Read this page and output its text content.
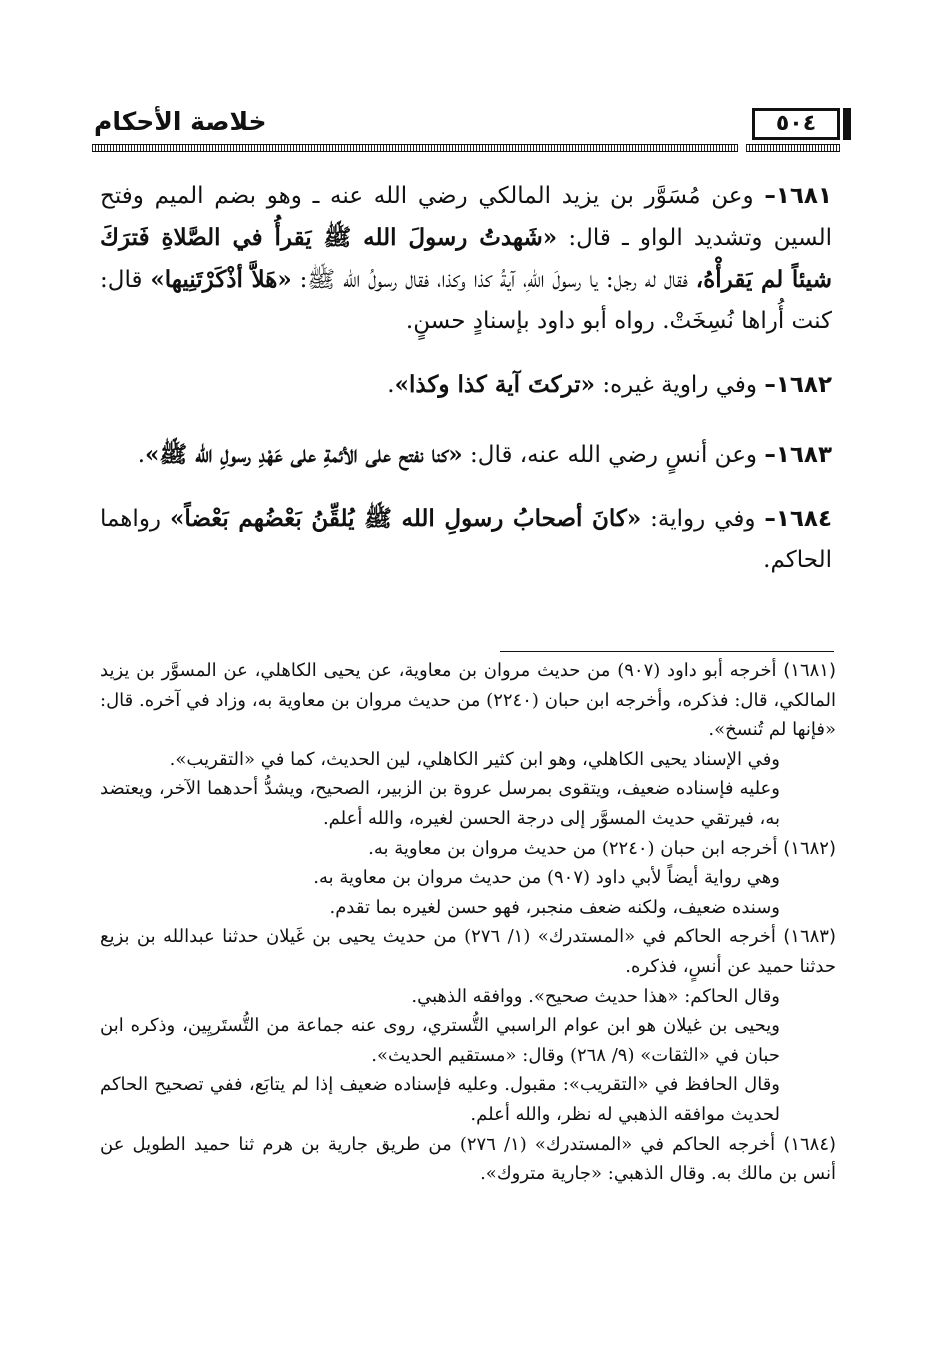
خلاصة الأحكام	٥٠٤

١٦٨١– وعن مُسَوَّر بن يزيد المالكي رضي الله عنه ـ وهو بضم الميم وفتح السين وتشديد الواو ـ قال: «شَهدتُ رسولَ الله ﷺ يَقرأُ في الصَّلاةِ فَترَكَ شيئاً لم يَقرأْهُ، فقال له رجل: يا رسولَ اللهِ، آيةُ كذا وكذا، فقال رسولُ الله ﷺ: «هَلاَّ أذْكَرْتَنِيها» قال: كنت أُراها نُسِخَتْ. رواه أبو داود بإسنادٍ حسنٍ.

١٦٨٢– وفي راوية غيره: «تركتَ آية كذا وكذا».

١٦٨٣– وعن أنسٍ رضي الله عنه، قال: «كنا نفتح على الأئمةِ على عَهْدِ رسولِ الله ﷺ».

١٦٨٤– وفي رواية: «كانَ أصحابُ رسولِ الله ﷺ يُلقِّنُ بَعْضُهم بَعْضاً» رواهما الحاكم.

(١٦٨١) أخرجه أبو داود (٩٠٧) من حديث مروان بن معاوية، عن يحيى الكاهلي، عن المسوَّر بن يزيد المالكي، قال: فذكره، وأخرجه ابن حبان (٢٢٤٠) من حديث مروان بن معاوية به، وزاد في آخره. قال: «فإنها لم تُنسخ».

وفي الإسناد يحيى الكاهلي، وهو ابن كثير الكاهلي، لين الحديث، كما في «التقريب».

وعليه فإسناده ضعيف، ويتقوى بمرسل عروة بن الزبير، الصحيح، ويشدُّ أحدهما الآخر، ويعتضد به، فيرتقي حديث المسوَّر إلى درجة الحسن لغيره، والله أعلم.

(١٦٨٢) أخرجه ابن حبان (٢٢٤٠) من حديث مروان بن معاوية به.

وهي رواية أيضاً لأبي داود (٩٠٧) من حديث مروان بن معاوية به.

وسنده ضعيف، ولكنه ضعف منجبر، فهو حسن لغيره بما تقدم.

(١٦٨٣) أخرجه الحاكم في «المستدرك» (١/ ٢٧٦) من حديث يحيى بن غَيلان حدثنا عبدالله بن بزيع حدثنا حميد عن أنسٍ، فذكره.

وقال الحاكم: «هذا حديث صحيح». ووافقه الذهبي.

ويحيى بن غيلان هو ابن عوام الراسبي التُّستري، روى عنه جماعة من التُّستَريِين، وذكره ابن حبان في «الثقات» (٩/ ٢٦٨) وقال: «مستقيم الحديث».

وقال الحافظ في «التقريب»: مقبول. وعليه فإسناده ضعيف إذا لم يتابَع، ففي تصحيح الحاكم لحديث موافقه الذهبي له نظر، والله أعلم.

(١٦٨٤) أخرجه الحاكم في «المستدرك» (١/ ٢٧٦) من طريق جارية بن هرم ثنا حميد الطويل عن أنس بن مالك به. وقال الذهبي: «جارية متروك».
